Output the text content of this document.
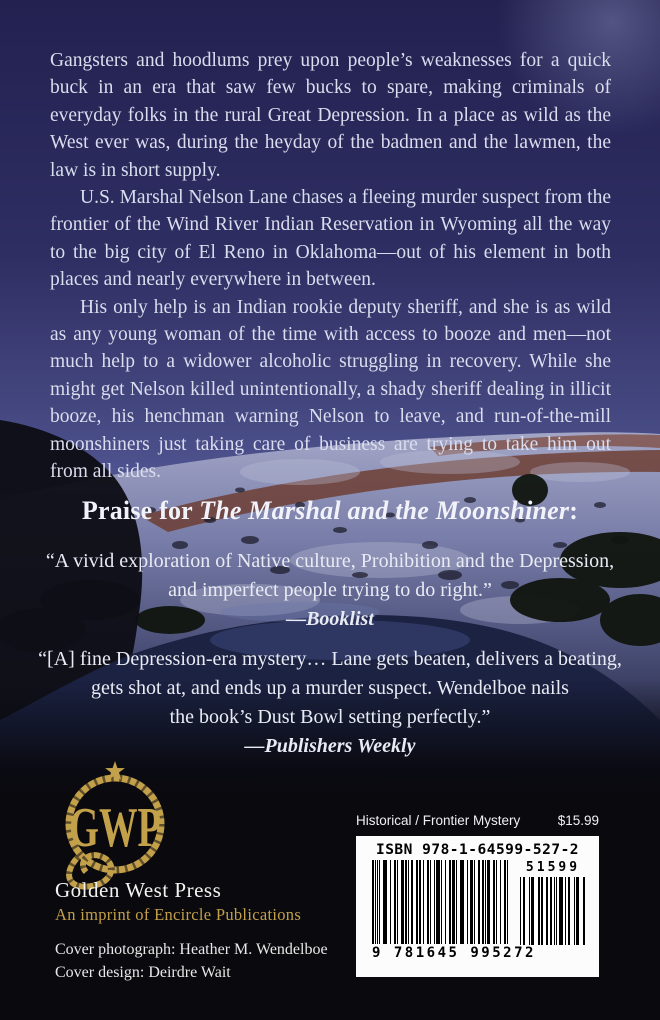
Gangsters and hoodlums prey upon people’s weaknesses for a quick buck in an era that saw few bucks to spare, making criminals of everyday folks in the rural Great Depression. In a place as wild as the West ever was, during the heyday of the badmen and the lawmen, the law is in short supply.

U.S. Marshal Nelson Lane chases a fleeing murder suspect from the frontier of the Wind River Indian Reservation in Wyoming all the way to the big city of El Reno in Oklahoma—out of his element in both places and nearly everywhere in between.

His only help is an Indian rookie deputy sheriff, and she is as wild as any young woman of the time with access to booze and men—not much help to a widower alcoholic struggling in recovery. While she might get Nelson killed unintentionally, a shady sheriff dealing in illicit booze, his henchman warning Nelson to leave, and run-of-the-mill moonshiners just taking care of business are trying to take him out from all sides.

Praise for The Marshal and the Moonshiner:
“A vivid exploration of Native culture, Prohibition and the Depression,
and imperfect people trying to do right.”
—Booklist
“[A] fine Depression-era mystery… Lane gets beaten, delivers a beating,
gets shot at, and ends up a murder suspect. Wendelboe nails
the book’s Dust Bowl setting perfectly.”
—Publishers Weekly
GWP
Golden West Press
An imprint of Encircle Publications
Cover photograph: Heather M. Wendelboe
Cover design: Deirdre Wait
Historical / Frontier Mystery	$15.99
ISBN 978-1-64599-527-2
9 781645 995272
51599
